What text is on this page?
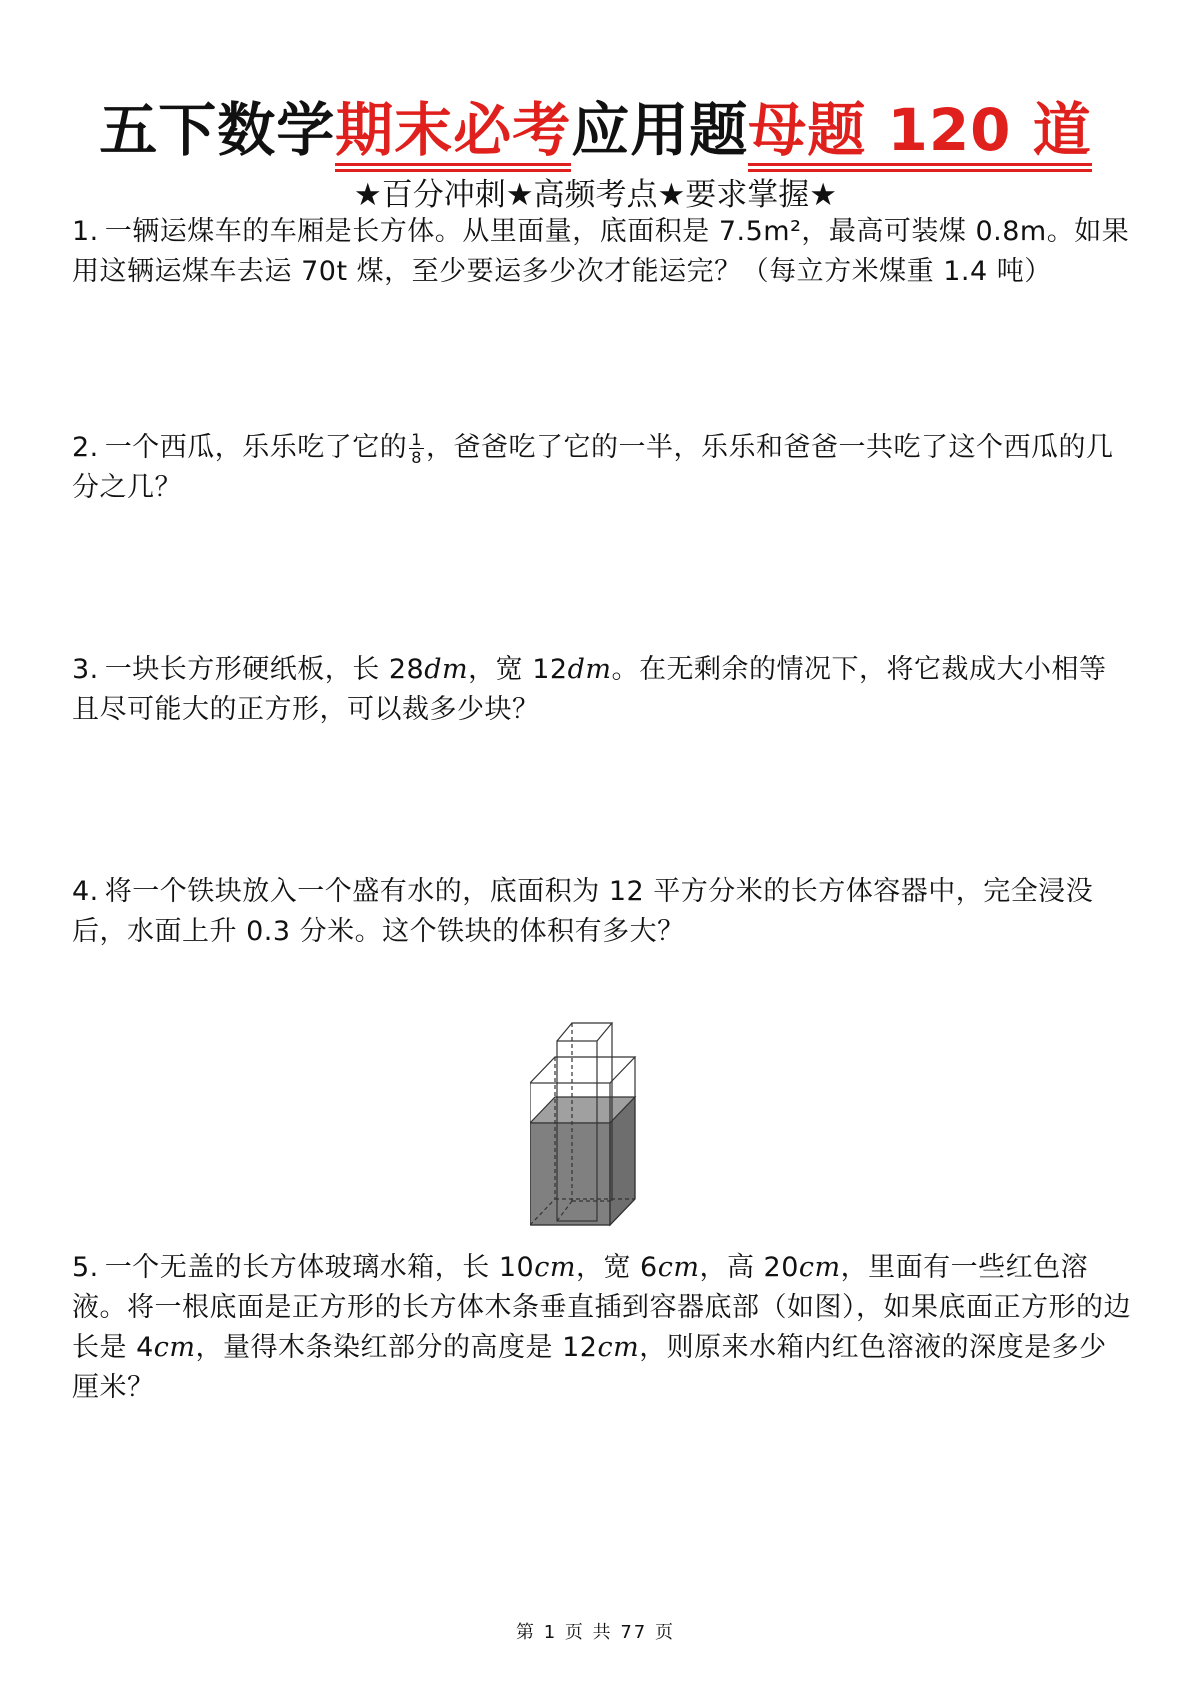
五下数学期末必考应用题母题 120 道
★百分冲刺★高频考点★要求掌握★
1. 一辆运煤车的车厢是长方体。从里面量，底面积是 7.5m²，最高可装煤 0.8m。如果用这辆运煤车去运 70t 煤，至少要运多少次才能运完？（每立方米煤重 1.4 吨）
2. 一个西瓜，乐乐吃了它的 $\frac{1}{8}$ ，爸爸吃了它的一半，乐乐和爸爸一共吃了这个西瓜的几分之几？
3. 一块长方形硬纸板，长 28dm，宽 12dm。在无剩余的情况下，将它裁成大小相等且尽可能大的正方形，可以裁多少块？
4. 将一个铁块放入一个盛有水的，底面积为 12 平方分米的长方体容器中，完全浸没后，水面上升 0.3 分米。这个铁块的体积有多大？
5. 一个无盖的长方体玻璃水箱，长 10cm，宽 6cm，高 20cm，里面有一些红色溶液。将一根底面是正方形的长方体木条垂直插到容器底部（如图），如果底面正方形的边长是 4cm，量得木条染红部分的高度是 12cm，则原来水箱内红色溶液的深度是多少厘米？
第 1 页 共 77 页
